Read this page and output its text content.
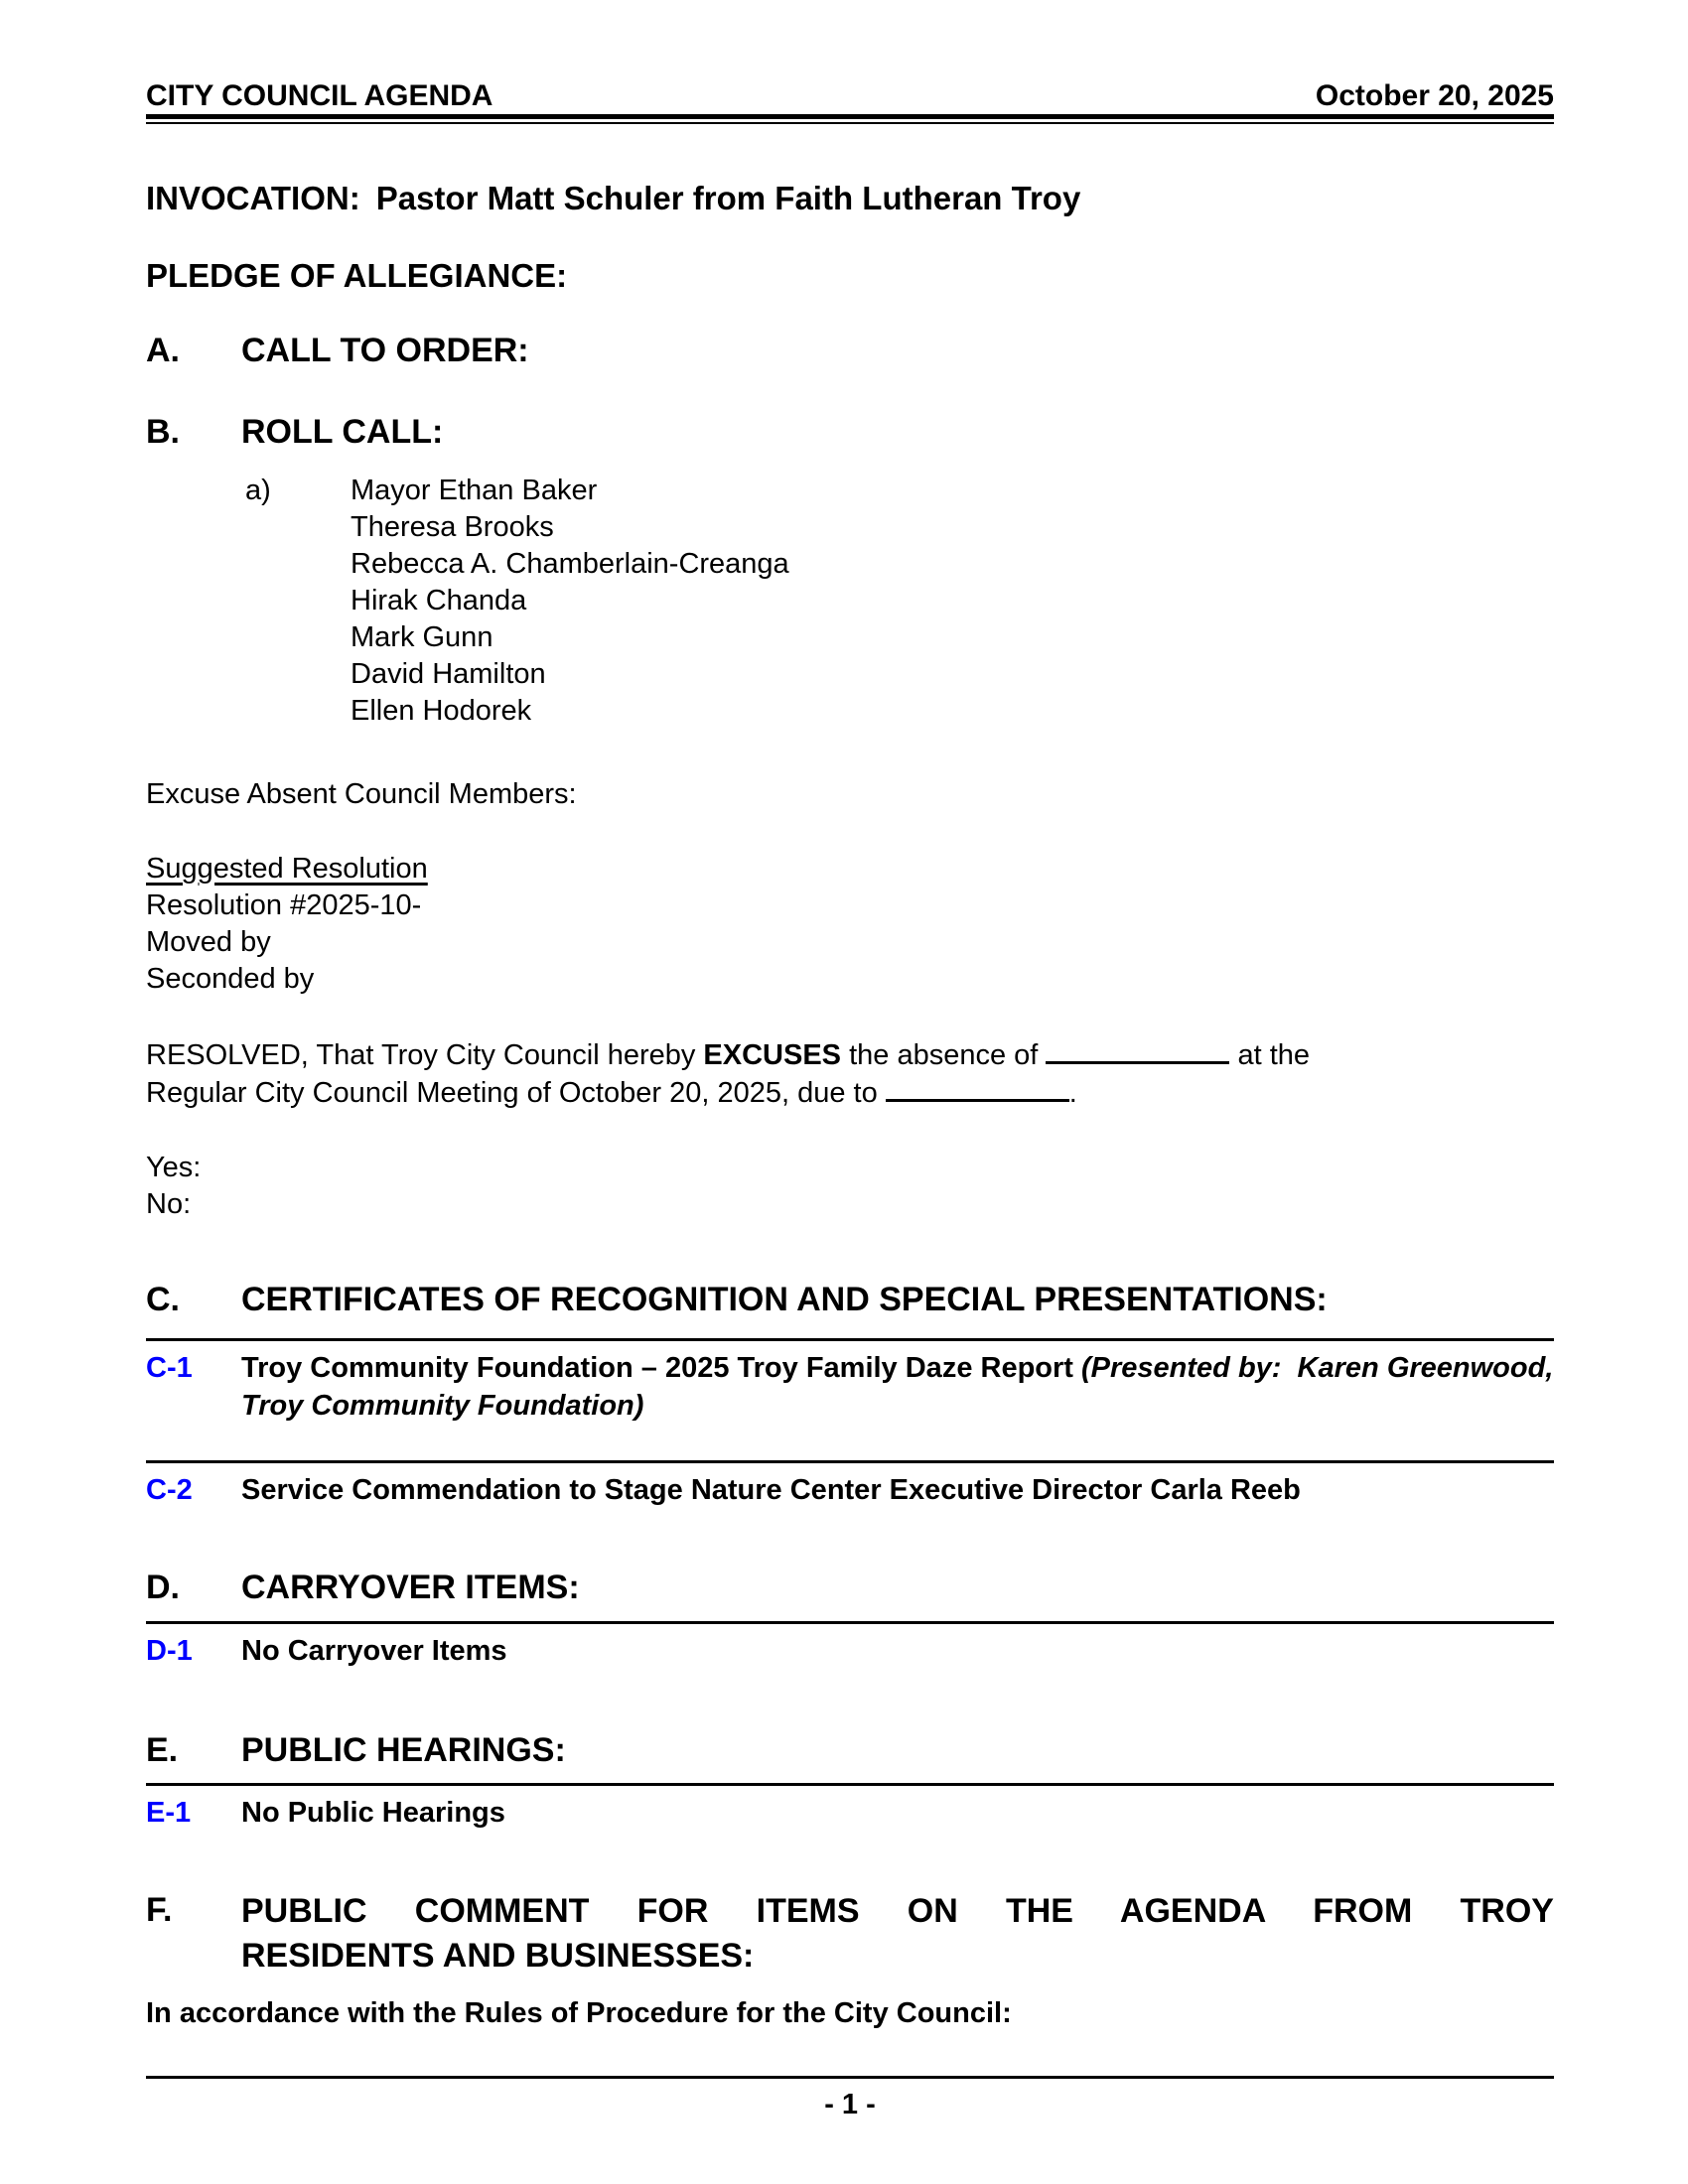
CITY COUNCIL AGENDA	October 20, 2025
INVOCATION: Pastor Matt Schuler from Faith Lutheran Troy
PLEDGE OF ALLEGIANCE:
A.	CALL TO ORDER:
B.	ROLL CALL:
a)	Mayor Ethan Baker
Theresa Brooks
Rebecca A. Chamberlain-Creanga
Hirak Chanda
Mark Gunn
David Hamilton
Ellen Hodorek
Excuse Absent Council Members:
Suggested Resolution
Resolution #2025-10-
Moved by
Seconded by
RESOLVED, That Troy City Council hereby EXCUSES the absence of	at the
Regular City Council Meeting of October 20, 2025, due to	.
Yes:
No:
C.	CERTIFICATES OF RECOGNITION AND SPECIAL PRESENTATIONS:
C-1	Troy Community Foundation – 2025 Troy Family Daze Report (Presented by:  Karen Greenwood, Troy Community Foundation)
C-2	Service Commendation to Stage Nature Center Executive Director Carla Reeb
D.	CARRYOVER ITEMS:
D-1	No Carryover Items
E.	PUBLIC HEARINGS:
E-1	No Public Hearings
F.	PUBLIC COMMENT FOR ITEMS ON THE AGENDA FROM TROY
RESIDENTS AND BUSINESSES:
In accordance with the Rules of Procedure for the City Council:
- 1 -
